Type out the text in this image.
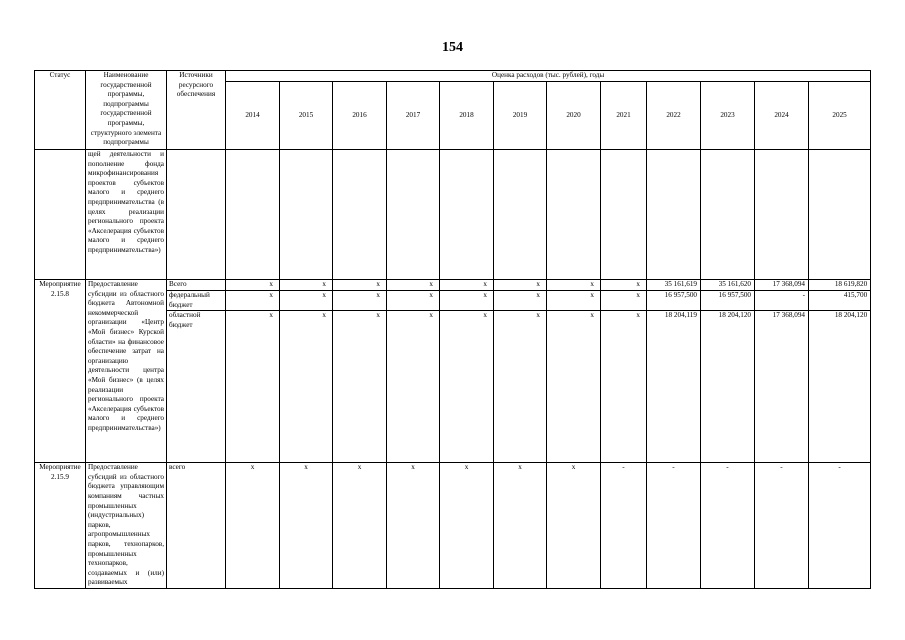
154
Статус	Наименование государственной программы, подпрограммы государственной программы, структурного элемента подпрограммы	Источники ресурсного обеспечения	Оценка расходов (тыс. рублей), годы											
			2014	2015	2016	2017	2018	2019	2020	2021	2022	2023	2024	2025
	щей деятельности и пополнение фонда микрофинансирования проектов субъектов малого и среднего предпринимательства (в целях реализации регионального проекта «Акселерация субъектов малого и среднего предпринимательства»)													
Мероприятие 2.15.8	Предоставление субсидии из областного бюджета Автономной некоммерческой организации «Центр «Мой бизнес» Курской области» на финансовое обеспечение затрат на организацию деятельности центра «Мой бизнес» (в целях реализации регионального проекта «Акселерация субъектов малого и среднего предпринимательства»)	Всего	x	x	x	x	x	x	x	x	35 161,619	35 161,620	17 368,094	18 619,820
		федеральный бюджет	x	x	x	x	x	x	x	x	16 957,500	16 957,500	-	415,700
		областной бюджет	x	x	x	x	x	x	x	x	18 204,119	18 204,120	17 368,094	18 204,120
Мероприятие 2.15.9	Предоставление субсидий из областного бюджета управляющим компаниям частных промышленных (индустриальных) парков, агропромышленных парков, технопарков, промышленных технопарков, создаваемых и (или) развиваемых	всего	x	x	x	x	x	x	x	-	-	-	-	-
